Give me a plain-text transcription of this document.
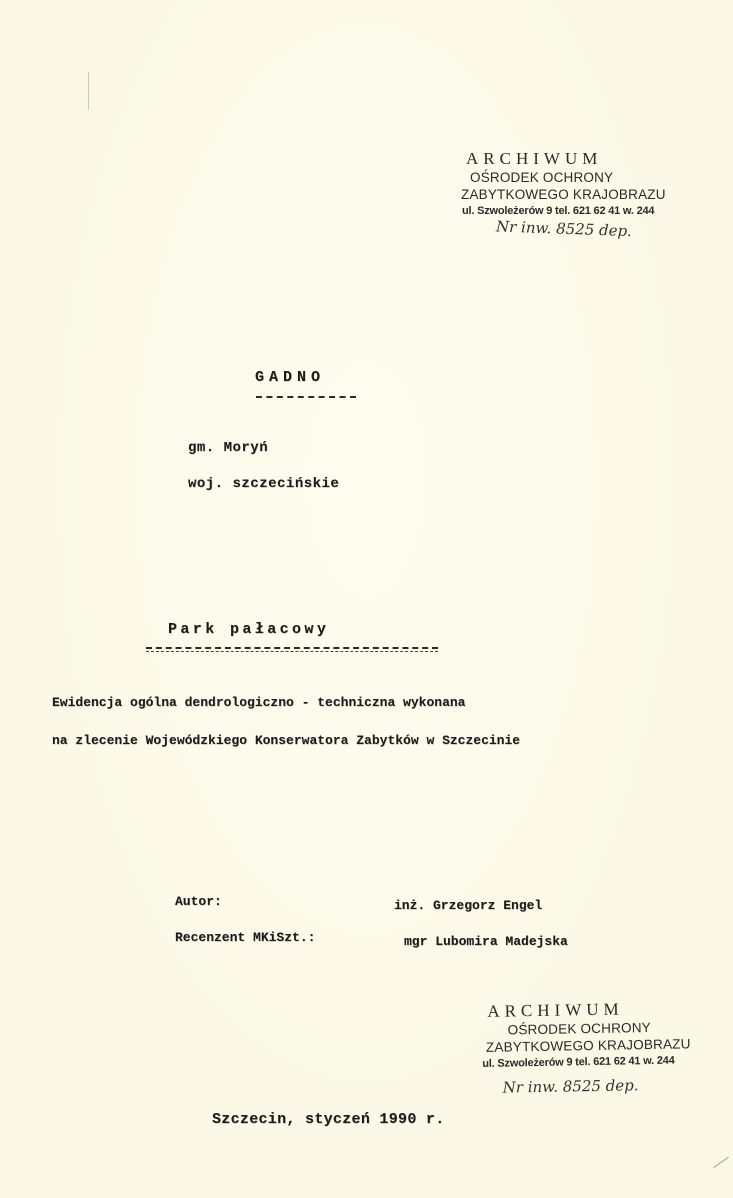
ARCHIWUM
OŚRODEK OCHRONY
ZABYTKOWEGO KRAJOBRAZU
ul. Szwoleżerów 9 tel. 621 62 41 w. 244
Nr inw. 8525 dep.
GADNO
gm. Moryń
woj. szczecińskie
Park pałacowy
Ewidencja ogólna dendrologiczno - techniczna wykonana
na zlecenie Wojewódzkiego Konserwatora Zabytków w Szczecinie
Autor:	inż. Grzegorz Engel
Recenzent MKiSzt.:	mgr Lubomira Madejska
ARCHIWUM
OŚRODEK OCHRONY
ZABYTKOWEGO KRAJOBRAZU
ul. Szwoleżerów 9 tel. 621 62 41 w. 244
Nr inw. 8525 dep.
Szczecin, styczeń 1990 r.
